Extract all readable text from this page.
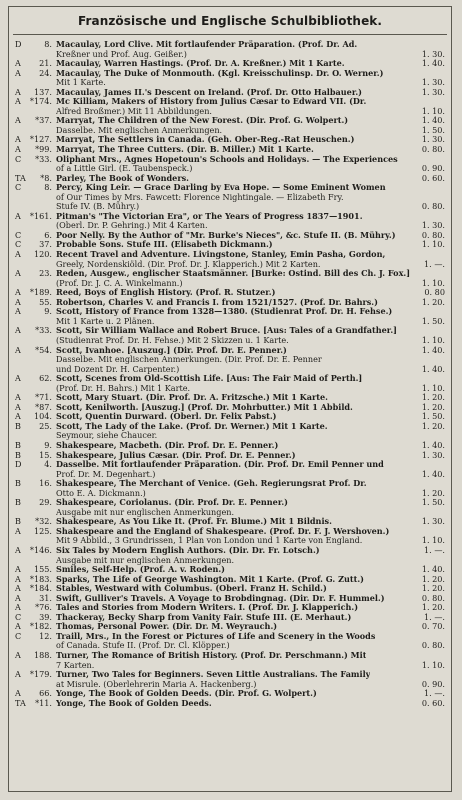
Französische und Englische Schulbibliothek.
D	8. Macaulay, Lord Clive. Mit fortlaufender Präparation. (Prof. Dr. Ad.
Kreßner und Prof. Aug. Geißer.)	1. 30.
A	21. Macaulay, Warren Hastings. (Prof. Dr. A. Kreßner.) Mit 1 Karte.	1. 40.
A	24. Macaulay, The Duke of Monmouth. (Kgl. Kreisschulinsp. Dr. O. Werner.)
Mit 1 Karte.	1. 30.
A	137. Macaulay, James II.'s Descent on Ireland. (Prof. Dr. Otto Halbauer.)	1. 30.
A	*174. Mc Killiam, Makers of History from Julius Cæsar to Edward VII. (Dr.
Alfred Broßmer.) Mit 11 Abbildungen.	1. 10.
A	*37. Marryat, The Children of the New Forest. (Dir. Prof. G. Wolpert.)	1. 40.
Dasselbe. Mit englischen Anmerkungen.	1. 50.
A	*127. Marryat, The Settlers in Canada. (Geh. Ober-Reg.-Rat Heuschen.)	1. 30.
A	*99. Marryat, The Three Cutters. (Dir. B. Miller.) Mit 1 Karte.	0. 80.
C	*33. Oliphant Mrs., Agnes Hopetoun's Schools and Holidays. — The Experiences
of a Little Girl. (E. Taubenspeck.)	0. 90.
TA	*8. Parley, The Book of Wonders.	0. 60.
C	8. Percy, King Leir. — Grace Darling by Eva Hope. — Some Eminent Women
of Our Times by Mrs. Fawcett: Florence Nightingale. — Elizabeth Fry.
Stufe IV. (B. Mühry.)	0. 80.
A	*161. Pitman's "The Victorian Era", or The Years of Progress 1837—1901.
(Oberl. Dr. P. Gehring.) Mit 4 Karten.	1. 30.
C	6. Poor Nelly. By the Author of "Mr. Burke's Nieces", &c. Stufe II. (B. Mühry.)	0. 80.
C	37. Probable Sons. Stufe III. (Elisabeth Dickmann.)	1. 10.
A	120. Recent Travel and Adventure. Livingstone, Stanley, Emin Pasha, Gordon,
Greely, Nordenskiöld. (Dir. Prof. Dr. J. Klapperich.) Mit 2 Karten.	1. —.
A	23. Reden, Ausgew., englischer Staatsmänner. [Burke: Ostind. Bill des Ch. J. Fox.]
(Prof. Dr. J. C. A. Winkelmann.)	1. 10.
A	*189. Reed, Boys of English History. (Prof. R. Stutzer.)	0. 80
A	55. Robertson, Charles V. and Francis I. from 1521/1527. (Prof. Dr. Bahrs.)	1. 20.
A	9. Scott, History of France from 1328—1380. (Studienrat Prof. Dr. H. Fehse.)
Mit 1 Karte u. 2 Plänen.	1. 50.
A	*33. Scott, Sir William Wallace and Robert Bruce. [Aus: Tales of a Grandfather.]
(Studienrat Prof. Dr. H. Fehse.) Mit 2 Skizzen u. 1 Karte.	1. 10.
A	*54. Scott, Ivanhoe. [Auszug.] (Dir. Prof. Dr. E. Penner.)	1. 40.
Dasselbe. Mit englischen Anmerkungen. (Dir. Prof. Dr. E. Penner
und Dozent Dr. H. Carpenter.)	1. 40.
A	62. Scott, Scenes from Old-Scottish Life. [Aus: The Fair Maid of Perth.]
(Prof. Dr. H. Bahrs.) Mit 1 Karte.	1. 10.
A	*71. Scott, Mary Stuart. (Dir. Prof. Dr. A. Fritzsche.) Mit 1 Karte.	1. 20.
A	*87. Scott, Kenilworth. [Auszug.] (Prof. Dr. Mohrbutter.) Mit 1 Abbild.	1. 20.
A	104. Scott, Quentin Durward. (Oberl. Dr. Felix Pabst.)	1. 50.
B	25. Scott, The Lady of the Lake. (Prof. Dr. Werner.) Mit 1 Karte.	1. 20.
Seymour, siehe Chaucer.
B	9. Shakespeare, Macbeth. (Dir. Prof. Dr. E. Penner.)	1. 40.
B	15. Shakespeare, Julius Cæsar. (Dir. Prof. Dr. E. Penner.)	1. 30.
D	4. Dasselbe. Mit fortlaufender Präparation. (Dir. Prof. Dr. Emil Penner und
Prof. Dr. M. Degenhart.)	1. 40.
B	16. Shakespeare, The Merchant of Venice. (Geh. Regierungsrat Prof. Dr.
Otto E. A. Dickmann.)	1. 20.
B	29. Shakespeare, Coriolanus. (Dir. Prof. Dr. E. Penner.)	1. 50.
Ausgabe mit nur englischen Anmerkungen.
B	*32. Shakespeare, As You Like It. (Prof. Fr. Blume.) Mit 1 Bildnis.	1. 30.
A	125. Shakespeare and the England of Shakespeare. (Prof. Dr. F. J. Wershoven.)
Mit 9 Abbild., 3 Grundrissen, 1 Plan von London und 1 Karte von England.	1. 10.
A	*146. Six Tales by Modern English Authors. (Dir. Dr. Fr. Lotsch.)	1. —.
Ausgabe mit nur englischen Anmerkungen.
A	155. Smiles, Self-Help. (Prof. A. v. Roden.)	1. 40.
A	*183. Sparks, The Life of George Washington. Mit 1 Karte. (Prof. G. Zutt.)	1. 20.
A	*184. Stables, Westward with Columbus. (Oberl. Franz H. Schild.)	1. 20.
A	31. Swift, Gulliver's Travels. A Voyage to Brobdingnag. (Dir. Dr. F. Hummel.)	0. 80.
A	*76. Tales and Stories from Modern Writers. I. (Prof. Dr. J. Klapperich.)	1. 20.
C	39. Thackeray, Becky Sharp from Vanity Fair. Stufe III. (E. Merhaut.)	1. —.
A	*182. Thomas, Personal Power. (Dir. Dr. M. Weyrauch.)	0. 70.
C	12. Traill, Mrs., In the Forest or Pictures of Life and Scenery in the Woods
of Canada. Stufe II. (Prof. Dr. Cl. Klöpper.)	0. 80.
A	188. Turner, The Romance of British History. (Prof. Dr. Perschmann.) Mit
7 Karten.	1. 10.
A	*179. Turner, Two Tales for Beginners. Seven Little Australians. The Family
at Misrule. (Oberlehrerin Maria A. Hackenberg.)	0. 90.
A	66. Yonge, The Book of Golden Deeds. (Dir. Prof. G. Wolpert.)	1. —.
TA	*11. Yonge, The Book of Golden Deeds.	0. 60.
